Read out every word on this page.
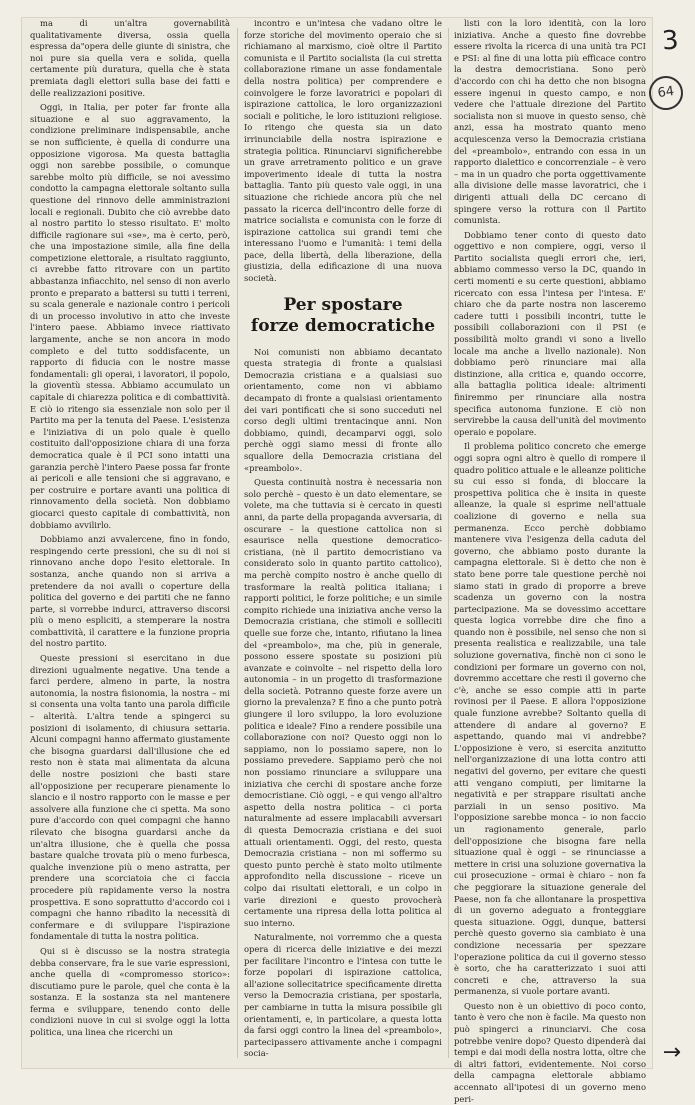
ma di un'altra governabilità qualitativamente diversa, ossia quella espressa da"opera delle giunte di sinistra, che noi pure sia quella vera e solida, quella certamente più duratura, quella che è stata premiata dagli elettori sulla base dei fatti e delle realizzazioni positive.

Oggi, in Italia, per poter far fronte alla situazione e al suo aggravamento, la condizione preliminare indispensabile, anche se non sufficiente, è quella di condurre una opposizione vigorosa. Ma questa battaglia oggi non sarebbe possibile, o comunque sarebbe molto più difficile, se noi avessimo condotto la campagna elettorale soltanto sulla questione del rinnovo delle amministrazioni locali e regionali. Dubito che ciò avrebbe dato al nostro partito lo stesso risultato. E' molto difficile ragionare sui «se», ma è certo, però, che una impostazione simile, alla fine della competizione elettorale, a risultato raggiunto, ci avrebbe fatto ritrovare con un partito abbastanza infiacchito, nel senso di non averlo pronto e preparato a battersi su tutti i terreni, su scala generale e nazionale contro i pericoli di un processo involutivo in atto che investe l'intero paese. Abbiamo invece riattivato largamente, anche se non ancora in modo completo e del tutto soddisfacente, un rapporto di fiducia con le nostre masse fondamentali: gli operai, i lavoratori, il popolo, la gioventù stessa. Abbiamo accumulato un capitale di chiarezza politica e di combattività. E ciò io ritengo sia essenziale non solo per il Partito ma per la tenuta del Paese. L'esistenza e l'iniziativa di un polo quale è quello costituito dall'opposizione chiara di una forza democratica quale è il PCI sono intatti una garanzia perchè l'intero Paese possa far fronte ai pericoli e alle tensioni che si aggravano, e per costruire e portare avanti una politica di rinnovamento della società. Non dobbiamo giocarci questo capitale di combattività, non dobbiamo avvilirlo.

Dobbiamo anzi avvalercene, fino in fondo, respingendo certe pressioni, che su di noi si rinnovano anche dopo l'esito elettorale. In sostanza, anche quando non si arriva a pretendere da noi avalli o coperture della politica del governo e dei partiti che ne fanno parte, si vorrebbe indurci, attraverso discorsi più o meno espliciti, a stemperare la nostra combattività, il carattere e la funzione propria del nostro partito.

Queste pressioni si esercitano in due direzioni ugualmente negative. Una tende a farci perdere, almeno in parte, la nostra autonomia, la nostra fisionomia, la nostra – mi si consenta una volta tanto una parola difficile – alterità. L'altra tende a spingerci su posizioni di isolamento, di chiusura settaria. Alcuni compagni hanno affermato giustamente che bisogna guardarsi dall'illusione che ed resto non è stata mai alimentata da alcuna delle nostre posizioni che basti stare all'opposizione per recuperare pienamente lo slancio e il nostro rapporto con le masse e per assolvere alla funzione che ci spetta. Ma sono pure d'accordo con quei compagni che hanno rilevato che bisogna guardarsi anche da un'altra illusione, che è quella che possa bastare qualche trovata più o meno furbesca, qualche invenzione più o meno astratta, per prendere una scorciatoia che ci faccia procedere più rapidamente verso la nostra prospettiva. E sono soprattutto d'accordo coi i compagni che hanno ribadito la necessità di confermare e di sviluppare l'ispirazione fondamentale di tutta la nostra politica.

Qui si è discusso se la nostra strategia debba conservare, fra le sue varie espressioni, anche quella di «compromesso storico»: discutiamo pure le parole, quel che conta è la sostanza. E la sostanza sta nel mantenere ferma e sviluppare, tenendo conto delle condizioni nuove in cui si svolge oggi la lotta politica, una linea che ricerchi un

incontro e un'intesa che vadano oltre le forze storiche del movimento operaio che si richiamano al marxismo, cioè oltre il Partito comunista e il Partito socialista (la cui stretta collaborazione rimane un asse fondamentale della nostra politica) per comprendere e coinvolgere le forze lavoratrici e popolari di ispirazione cattolica, le loro organizzazioni sociali e politiche, le loro istituzioni religiose. Io ritengo che questa sia un dato irrinunciabile della nostra ispirazione e strategia politica. Rinunciarvi significherebbe un grave arretramento politico e un grave impoverimento ideale di tutta la nostra battaglia. Tanto più questo vale oggi, in una situazione che richiede ancora più che nel passato la ricerca dell'incontro delle forze di matrice socialista e comunista con le forze di ispirazione cattolica sui grandi temi che interessano l'uomo e l'umanità: i temi della pace, della libertà, della liberazione, della giustizia, della edificazione di una nuova società.

Per spostare
forze democratiche

Noi comunisti non abbiamo decantato questa strategia di fronte a qualsiasi Democrazia cristiana e a qualsiasi suo orientamento, come non vi abbiamo decampato di fronte a qualsiasi orientamento dei vari pontificati che si sono succeduti nel corso degli ultimi trentacinque anni. Non dobbiamo, quindi, decamparvi oggi, solo perchè oggi siamo messi di fronte allo squallore della Democrazia cristiana del «preambolo».

Questa continuità nostra è necessaria non solo perchè – questo è un dato elementare, se volete, ma che tuttavia si è cercato in questi anni, da parte della propaganda avversaria, di oscurare – la questione cattolica non si esaurisce nella questione democratico-cristiana, (nè il partito democristiano va considerato solo in quanto partito cattolico), ma perchè compito nostro è anche quello di trasformare la realtà politica italiana; i rapporti politici, le forze politiche; e un simile compito richiede una iniziativa anche verso la Democrazia cristiana, che stimoli e sollleciti quelle sue forze che, intanto, rifiutano la linea del «preambolo», ma che, più in generale, possono essere spostate su posizioni più avanzate e coinvolte – nel rispetto della loro autonomia – in un progetto di trasformazione della società. Potranno queste forze avere un giorno la prevalenza? E fino a che punto potrà giungere il loro sviluppo, la loro evoluzione politica e ideale? Fino a rendere possibile una collaborazione con noi? Questo oggi non lo sappiamo, non lo possiamo sapere, non lo possiamo prevedere. Sappiamo però che noi non possiamo rinunciare a sviluppare una iniziativa che cerchi di spostare anche forze democristiane. Ciò oggi, – e qui vengo all'altro aspetto della nostra politica – ci porta naturalmente ad essere implacabili avversari di questa Democrazia cristiana e dei suoi attuali orientamenti. Oggi, del resto, questa Democrazia cristiana – non mi soffermo su questo punto perchè è stato molto utilmente approfondito nella discussione – riceve un colpo dai risultati elettorali, e un colpo in varie direzioni e questo provocherà certamente una ripresa della lotta politica al suo interno.

Naturalmente, noi vorremmo che a questa opera di ricerca delle iniziative e dei mezzi per facilitare l'incontro e l'intesa con tutte le forze popolari di ispirazione cattolica, all'azione sollecitatrice specificamente diretta verso la Democrazia cristiana, per spostarla, per cambiarne in tutta la misura possibile gli orientamenti, e, in particolare, a questa lotta da farsi oggi contro la linea del «preambolo», partecipassero attivamente anche i compagni socia-

listi con la loro identità, con la loro iniziativa. Anche a questo fine dovrebbe essere rivolta la ricerca di una unità tra PCI e PSI: al fine di una lotta più efficace contro la destra democristiana. Sono però d'accordo con chi ha detto che non bisogna essere ingenui in questo campo, e non vedere che l'attuale direzione del Partito socialista non si muove in questo senso, chè anzi, essa ha mostrato quanto meno acquiescenza verso la Democrazia cristiana del «preambolo», entrando con essa in un rapporto dialettico e concorrenziale – è vero – ma in un quadro che porta oggettivamente alla divisione delle masse lavoratrici, che i dirigenti attuali della DC cercano di spingere verso la rottura con il Partito comunista.

Dobbiamo tener conto di questo dato oggettivo e non compiere, oggi, verso il Partito socialista quegli errori che, ieri, abbiamo commesso verso la DC, quando in certi momenti e su certe questioni, abbiamo ricercato con essa l'intesa per l'intesa. E' chiaro che da parte nostra non lasceremo cadere tutti i possibili incontri, tutte le possibili collaborazioni con il PSI (e possibilità molto grandi vi sono a livello locale ma anche a livello nazionale). Non dobbiamo però rinunciare mai alla distinzione, alla critica e, quando occorre, alla battaglia politica ideale: altrimenti finiremmo per rinunciare alla nostra specifica autonoma funzione. E ciò non servirebbe la causa dell'unità del movimento operaio e popolare.

Il problema politico concreto che emerge oggi sopra ogni altro è quello di rompere il quadro politico attuale e le alleanze politiche su cui esso si fonda, di bloccare la prospettiva politica che è insita in queste alleanze, la quale si esprime nell'attuale coalizione di governo e nella sua permanenza. Ecco perchè dobbiamo mantenere viva l'esigenza della caduta del governo, che abbiamo posto durante la campagna elettorale. Si è detto che non è stato bene porre tale questione perchè noi siamo stati in grado di proporre a breve scadenza un governo con la nostra partecipazione. Ma se dovessimo accettare questa logica vorrebbe dire che fino a quando non è possibile, nel senso che non si presenta realistica e realizzabile, una tale soluzione governativa, finchè non ci sono le condizioni per formare un governo con noi, dovremmo accettare che resti il governo che c'è, anche se esso compie atti in parte rovinosi per il Paese. E allora l'opposizione quale funzione avrebbe? Soltanto quella di attendere di andare al governo? E aspettando, quando mai vi andrebbe? L'opposizione è vero, si esercita anzitutto nell'organizzazione di una lotta contro atti negativi del governo, per evitare che questi atti vengano compiuti, per limitarne la negatività e per strappare risultati anche parziali in un senso positivo. Ma l'opposizione sarebbe monca – io non faccio un ragionamento generale, parlo dell'opposizione che bisogna fare nella situazione qual è oggi – se rinunciasse a mettere in crisi una soluzione governativa la cui prosecuzione – ormai è chiaro – non fa che peggiorare la situazione generale del Paese, non fa che allontanare la prospettiva di un governo adeguato a fronteggiare questa situazione. Oggi, dunque, battersi perchè questo governo sia cambiato è una condizione necessaria per spezzare l'operazione politica da cui il governo stesso è sorto, che ha caratterizzato i suoi atti concreti e che, attraverso la sua permanenza, si vuole portare avanti.

Questo non è un obiettivo di poco conto, tanto è vero che non è facile. Ma questo non può spingerci a rinunciarvi. Che cosa potrebbe venire dopo? Questo dipenderà dai tempi e dai modi della nostra lotta, oltre che di altri fattori, evidentemente. Noi corso della campagna elettorale abbiamo accennato all'ipotesi di un governo meno peri-

3
64
→
